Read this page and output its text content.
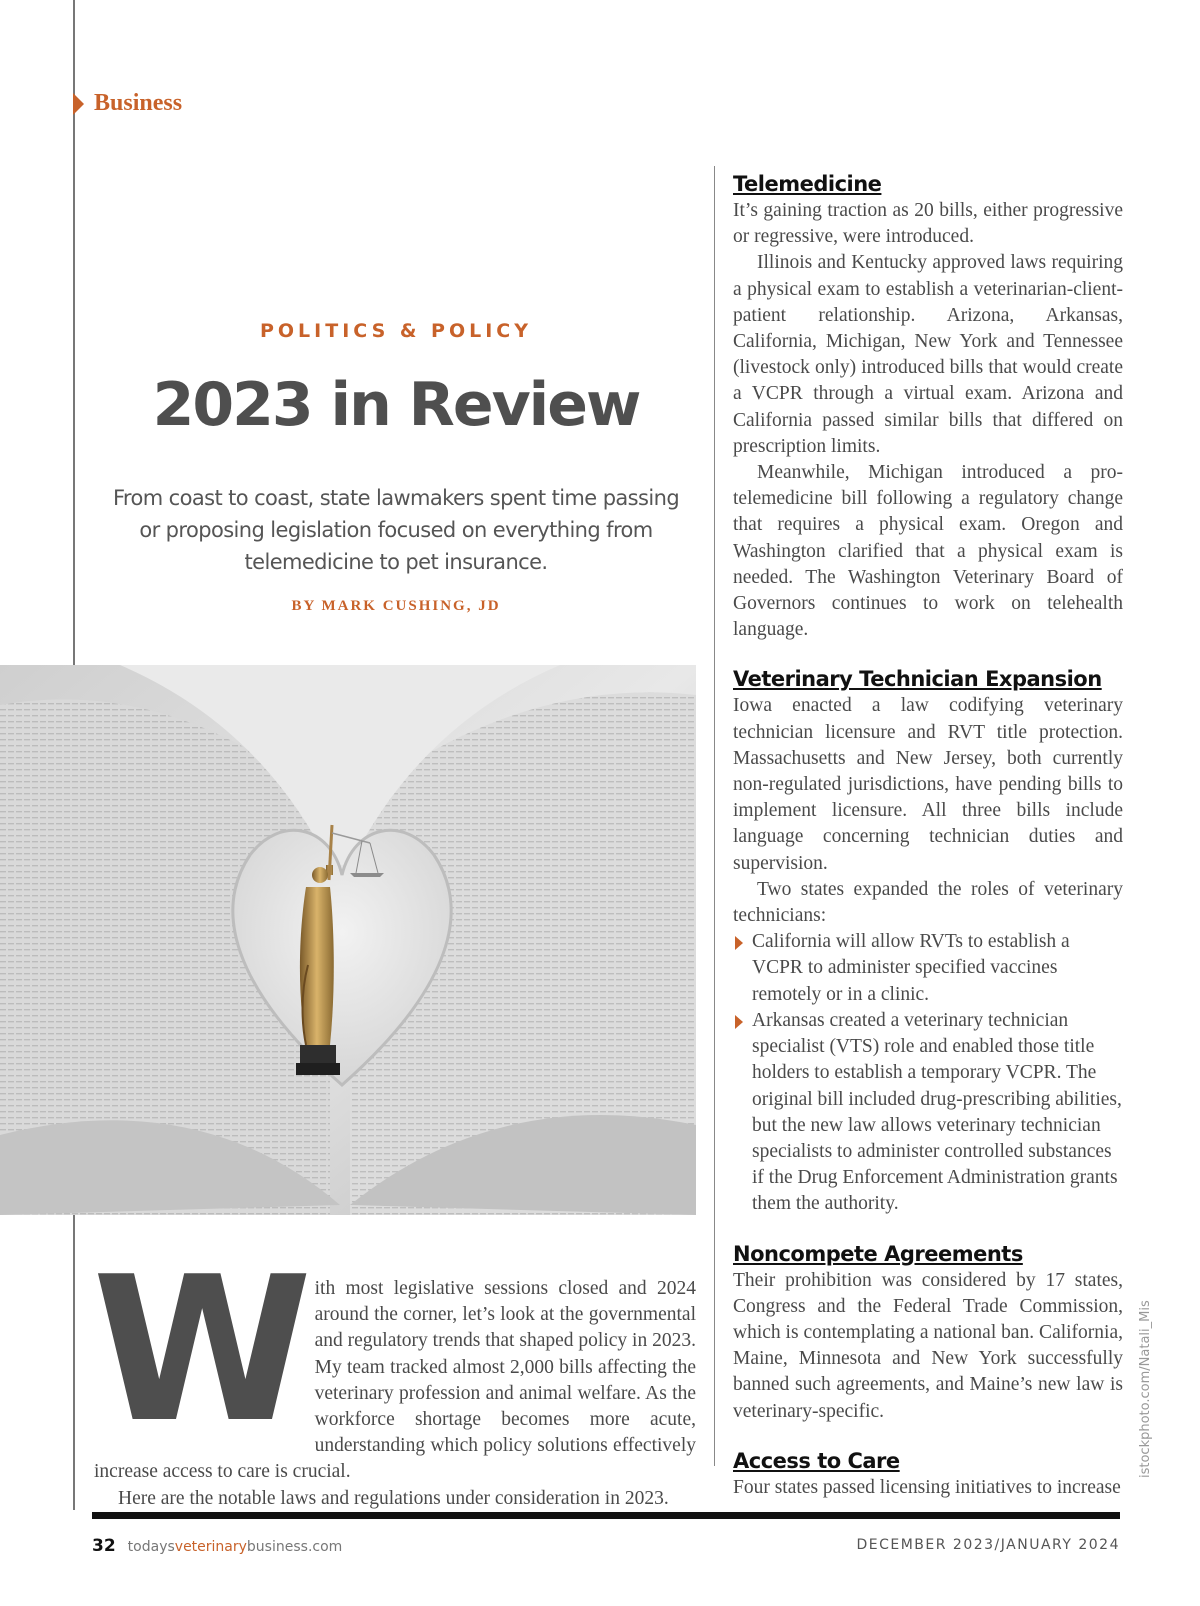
Business
POLITICS & POLICY
2023 in Review
From coast to coast, state lawmakers spent time passing or proposing legislation focused on everything from telemedicine to pet insurance.
BY MARK CUSHING, JD
W ith most legislative sessions closed and 2024 around the corner, let’s look at the governmental and regulatory trends that shaped policy in 2023. My team tracked almost 2,000 bills affecting the veterinary profession and animal welfare. As the workforce shortage becomes more acute, understanding which policy solutions effectively increase access to care is crucial.

Here are the notable laws and regulations under consideration in 2023.

Telemedicine

It’s gaining traction as 20 bills, either progressive or regressive, were introduced.

Illinois and Kentucky approved laws requiring a physical exam to establish a veterinarian-client-patient relationship. Arizona, Arkansas, California, Michigan, New York and Tennessee (livestock only) introduced bills that would create a VCPR through a virtual exam. Arizona and California passed similar bills that differed on prescription limits.

Meanwhile, Michigan introduced a pro-telemedicine bill following a regulatory change that requires a physical exam. Oregon and Washington clarified that a physical exam is needed. The Washington Veterinary Board of Governors continues to work on telehealth language.

Veterinary Technician Expansion

Iowa enacted a law codifying veterinary technician licensure and RVT title protection. Massachusetts and New Jersey, both currently non-regulated jurisdictions, have pending bills to implement licensure. All three bills include language concerning technician duties and supervision.

Two states expanded the roles of veterinary technicians:

California will allow RVTs to establish a VCPR to administer specified vaccines remotely or in a clinic.
Arkansas created a veterinary technician specialist (VTS) role and enabled those title holders to establish a temporary VCPR. The original bill included drug-prescribing abilities, but the new law allows veterinary technician specialists to administer controlled substances if the Drug Enforcement Administration grants them the authority.
Noncompete Agreements

Their prohibition was considered by 17 states, Congress and the Federal Trade Commission, which is contemplating a national ban. California, Maine, Minnesota and New York successfully banned such agreements, and Maine’s new law is veterinary-specific.

Access to Care

Four states passed licensing initiatives to increase

istockphoto.com/Natali_Mis
32 todaysveterinarybusiness.com	DECEMBER 2023/JANUARY 2024
